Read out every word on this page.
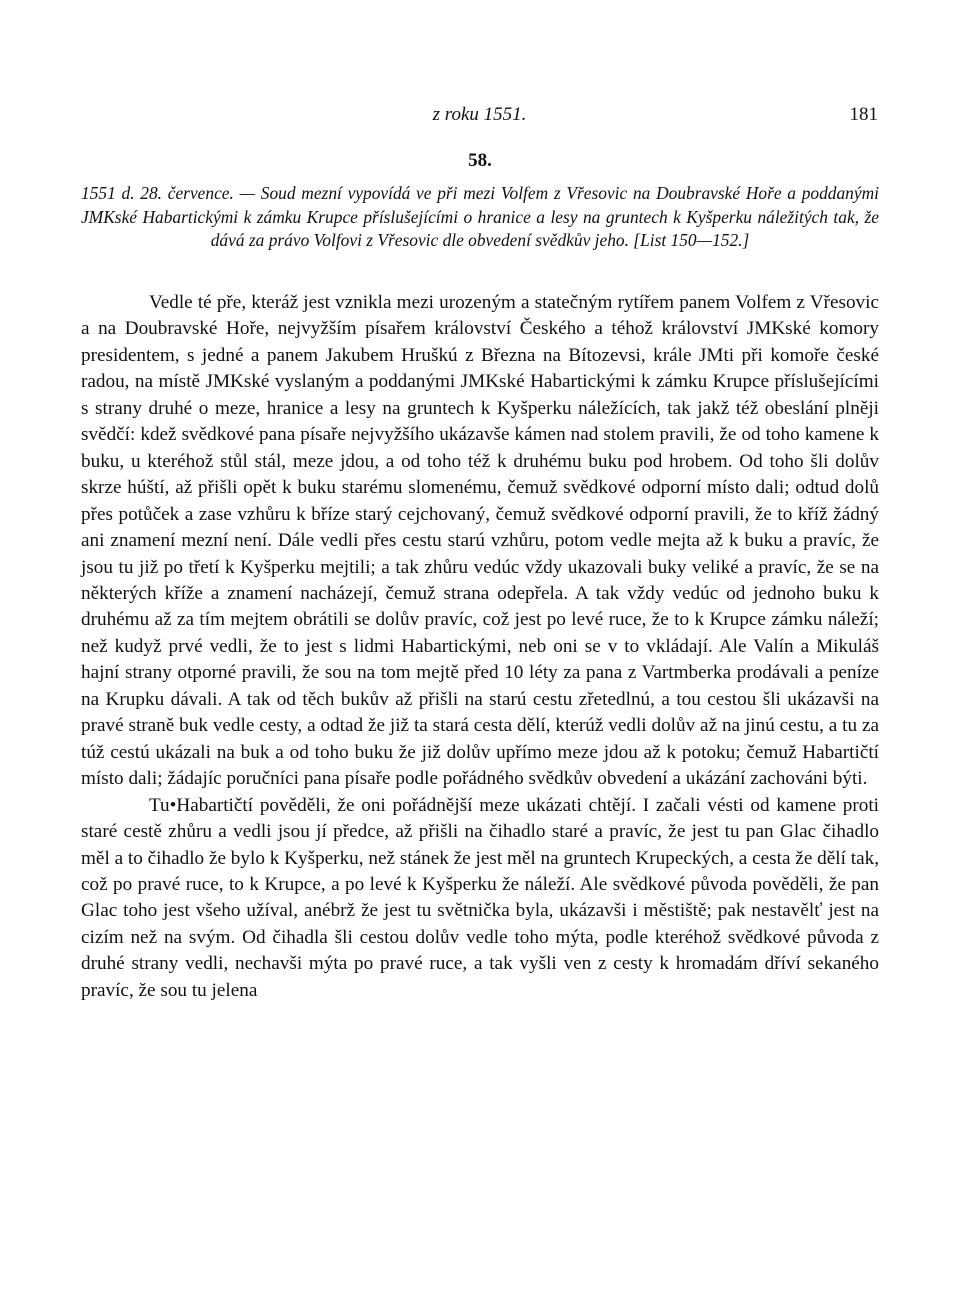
z roku 1551.	181
58.
1551 d. 28. července. — Soud mezní vypovídá ve při mezi Volfem z Vřesovic na Doubravské Hoře a poddanými JMKské Habartickými k zámku Krupce příslušejícími o hranice a lesy na gruntech k Kyšperku náležitých tak, že dává za právo Volfovi z Vřesovic dle obvedení svědkův jeho. [List 150—152.]

Vedle té pře, kteráž jest vznikla mezi urozeným a statečným rytířem panem Volfem z Vřesovic a na Doubravské Hoře, nejvyžším písařem království Českého a téhož království JMKské komory presidentem, s jedné a panem Jakubem Hruškú z Března na Bítozevsi, krále JMti při komoře české radou, na místě JMKské vyslaným a poddanými JMKské Habartickými k zámku Krupce příslušejícími s strany druhé o meze, hranice a lesy na gruntech k Kyšperku náležících, tak jakž též obeslání plněji svědčí: kdež svědkové pana písaře nejvyžšího ukázavše kámen nad stolem pravili, že od toho kamene k buku, u kteréhož stůl stál, meze jdou, a od toho též k druhému buku pod hrobem. Od toho šli dolův skrze húští, až přišli opět k buku starému slomenému, čemuž svědkové odporní místo dali; odtud dolů přes potůček a zase vzhůru k bříze starý cejchovaný, čemuž svědkové odporní pravili, že to kříž žádný ani znamení mezní není. Dále vedli přes cestu starú vzhůru, potom vedle mejta až k buku a pravíc, že jsou tu již po třetí k Kyšperku mejtili; a tak zhůru vedúc vždy ukazovali buky veliké a pravíc, že se na některých kříže a znamení nacházejí, čemuž strana odepřela. A tak vždy vedúc od jednoho buku k druhému až za tím mejtem obrátili se dolův pravíc, což jest po levé ruce, že to k Krupce zámku náleží; než kudyž prvé vedli, že to jest s lidmi Habartickými, neb oni se v to vkládají. Ale Valín a Mikuláš hajní strany otporné pravili, že sou na tom mejtě před 10 léty za pana z Vartmberka prodávali a peníze na Krupku dávali. A tak od těch bukův až přišli na starú cestu zřetedlnú, a tou cestou šli ukázavši na pravé straně buk vedle cesty, a odtad že již ta stará cesta dělí, kterúž vedli dolův až na jinú cestu, a tu za túž cestú ukázali na buk a od toho buku že již dolův upřímo meze jdou až k potoku; čemuž Habartičtí místo dali; žádajíc poručníci pana písaře podle pořádného svědkův obvedení a ukázání zachováni býti.

Tu•Habartičtí pověděli, že oni pořádnější meze ukázati chtějí. I začali vésti od kamene proti staré cestě zhůru a vedli jsou jí předce, až přišli na čihadlo staré a pravíc, že jest tu pan Glac čihadlo měl a to čihadlo že bylo k Kyšperku, než stánek že jest měl na gruntech Krupeckých, a cesta že dělí tak, což po pravé ruce, to k Krupce, a po levé k Kyšperku že náleží. Ale svědkové původa pověděli, že pan Glac toho jest všeho užíval, anébrž že jest tu světnička byla, ukázavši i městiště; pak nestavělť jest na cizím než na svým. Od čihadla šli cestou dolův vedle toho mýta, podle kteréhož svědkové původa z druhé strany vedli, nechavši mýta po pravé ruce, a tak vyšli ven z cesty k hromadám dříví sekaného pravíc, že sou tu jelena
